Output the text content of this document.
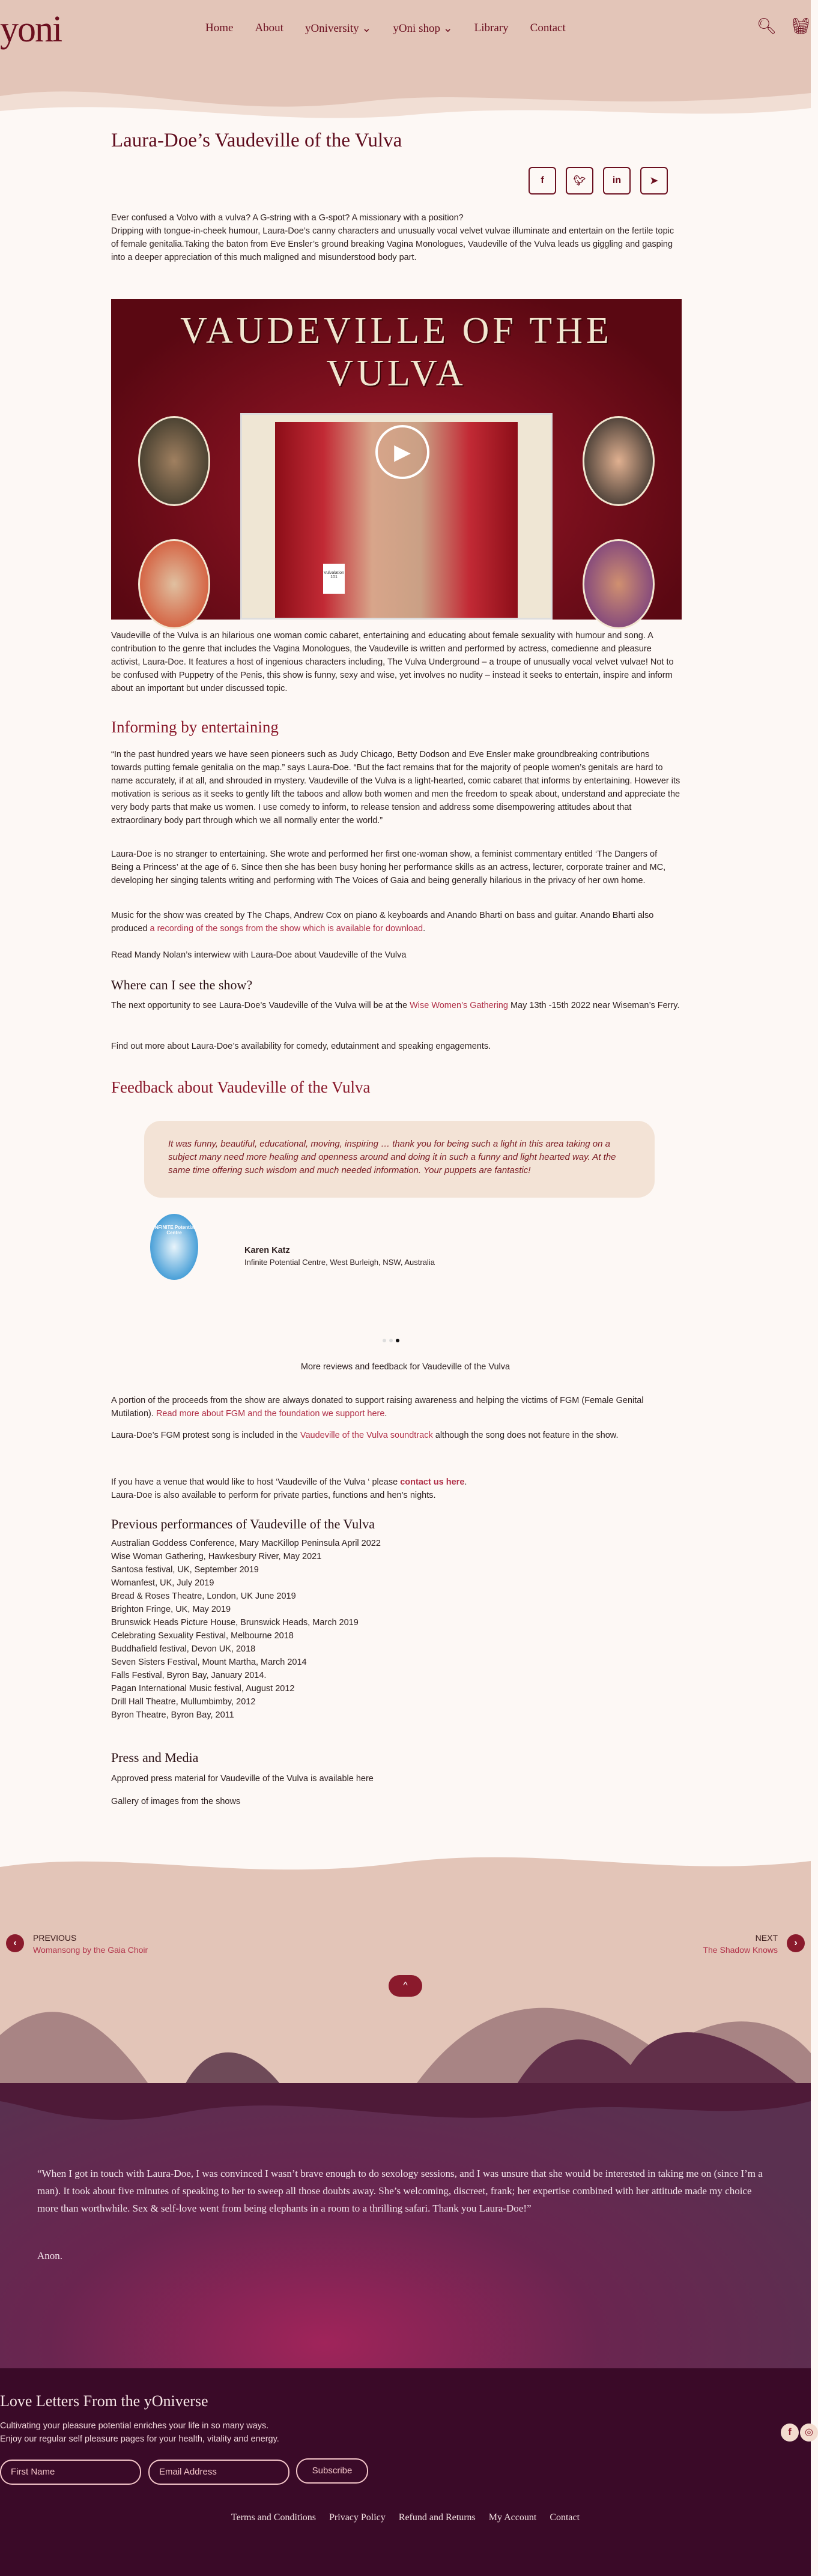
yoni	Home About yOniversity ⌄ yOni shop ⌄ Library Contact	🔍︎ 🧺︎
Laura-Doe’s Vaudeville of the Vulva
f	🐦︎	in	➤

Ever confused a Volvo with a vulva? A G-string with a G-spot? A missionary with a position?

Dripping with tongue-in-cheek humour, Laura-Doe’s canny characters and unusually vocal velvet vulvae illuminate and entertain on the fertile topic of female genitalia.Taking the baton from Eve Ensler’s ground breaking Vagina Monologues, Vaudeville of the Vulva leads us giggling and gasping into a deeper appreciation of this much maligned and misunderstood body part.

VAUDEVILLE OF THE VULVA
Vulvalation 101
▶

Vaudeville of the Vulva is an hilarious one woman comic cabaret, entertaining and educating about female sexuality with humour and song. A contribution to the genre that includes the Vagina Monologues, the Vaudeville is written and performed by actress, comedienne and pleasure activist, Laura-Doe. It features a host of ingenious characters including, The Vulva Underground – a troupe of unusually vocal velvet vulvae! Not to be confused with Puppetry of the Penis, this show is funny, sexy and wise, yet involves no nudity – instead it seeks to entertain, inspire and inform about an important but under discussed topic.

Informing by entertaining

“In the past hundred years we have seen pioneers such as Judy Chicago, Betty Dodson and Eve Ensler make groundbreaking contributions towards putting female genitalia on the map.” says Laura-Doe. “But the fact remains that for the majority of people women’s genitals are hard to name accurately, if at all, and shrouded in mystery. Vaudeville of the Vulva is a light-hearted, comic cabaret that informs by entertaining. However its motivation is serious as it seeks to gently lift the taboos and allow both women and men the freedom to speak about, understand and appreciate the very body parts that make us women. I use comedy to inform, to release tension and address some disempowering attitudes about that extraordinary body part through which we all normally enter the world.”

Laura-Doe is no stranger to entertaining. She wrote and performed her first one-woman show, a feminist commentary entitled ‘The Dangers of Being a Princess’ at the age of 6. Since then she has been busy honing her performance skills as an actress, lecturer, corporate trainer and MC, developing her singing talents writing and performing with The Voices of Gaia and being generally hilarious in the privacy of her own home.

Music for the show was created by The Chaps, Andrew Cox on piano & keyboards and Anando Bharti on bass and guitar. Anando Bharti also produced a recording of the songs from the show which is available for download.

Read Mandy Nolan’s interwiew with Laura-Doe about Vaudeville of the Vulva
Where can I see the show?

The next opportunity to see Laura-Doe’s Vaudeville of the Vulva will be at the Wise Women’s Gathering May 13th -15th 2022 near Wiseman’s Ferry.

Find out more about Laura-Doe’s availability for comedy, edutainment and speaking engagements.
Feedback about Vaudeville of the Vulva
It was funny, beautiful, educational, moving, inspiring … thank you for being such a light in this area taking on a subject many need more healing and openness around and doing it in such a funny and light hearted way. At the same time offering such wisdom and much needed information. Your puppets are fantastic!
INFINITE Potential Centre
Karen Katz
Infinite Potential Centre, West Burleigh, NSW, Australia
More reviews and feedback for Vaudeville of the Vulva

A portion of the proceeds from the show are always donated to support raising awareness and helping the victims of FGM (Female Genital Mutilation). Read more about FGM and the foundation we support here.

Laura-Doe’s FGM protest song is included in the Vaudeville of the Vulva soundtrack although the song does not feature in the show.

If you have a venue that would like to host ‘Vaudeville of the Vulva ‘ please contact us here.
Laura-Doe is also available to perform for private parties, functions and hen’s nights.

Previous performances of Vaudeville of the Vulva
Australian Goddess Conference, Mary MacKillop Peninsula April 2022
Wise Woman Gathering, Hawkesbury River, May 2021
Santosa festival, UK, September 2019
Womanfest, UK, July 2019
Bread & Roses Theatre, London, UK June 2019
Brighton Fringe, UK, May 2019
Brunswick Heads Picture House, Brunswick Heads, March 2019
Celebrating Sexuality Festival, Melbourne 2018
Buddhafield festival, Devon UK, 2018
Seven Sisters Festival, Mount Martha, March 2014
Falls Festival, Byron Bay, January 2014.
Pagan International Music festival, August 2012
Drill Hall Theatre, Mullumbimby, 2012
Byron Theatre, Byron Bay, 2011
Press and Media
Approved press material for Vaudeville of the Vulva is available here
Gallery of images from the shows
‹	PREVIOUS
Womansong by the Gaia Choir
›
NEXT
The Shadow Knows
^
“When I got in touch with Laura-Doe, I was convinced I wasn’t brave enough to do sexology sessions, and I was unsure that she would be interested in taking me on (since I’m a man). It took about five minutes of speaking to her to sweep all those doubts away. She’s welcoming, discreet, frank; her expertise combined with her attitude made my choice more than worthwhile. Sex & self-love went from being elephants in a room to a thrilling safari. Thank you Laura-Doe!”
Anon.
Love Letters From the yOniverse
Cultivating your pleasure potential enriches your life in so many ways.
Enjoy our regular self pleasure pages for your health, vitality and energy.
First Name	Email Address	Subscribe
f	◎
Terms and Conditions Privacy Policy Refund and Returns My Account Contact
